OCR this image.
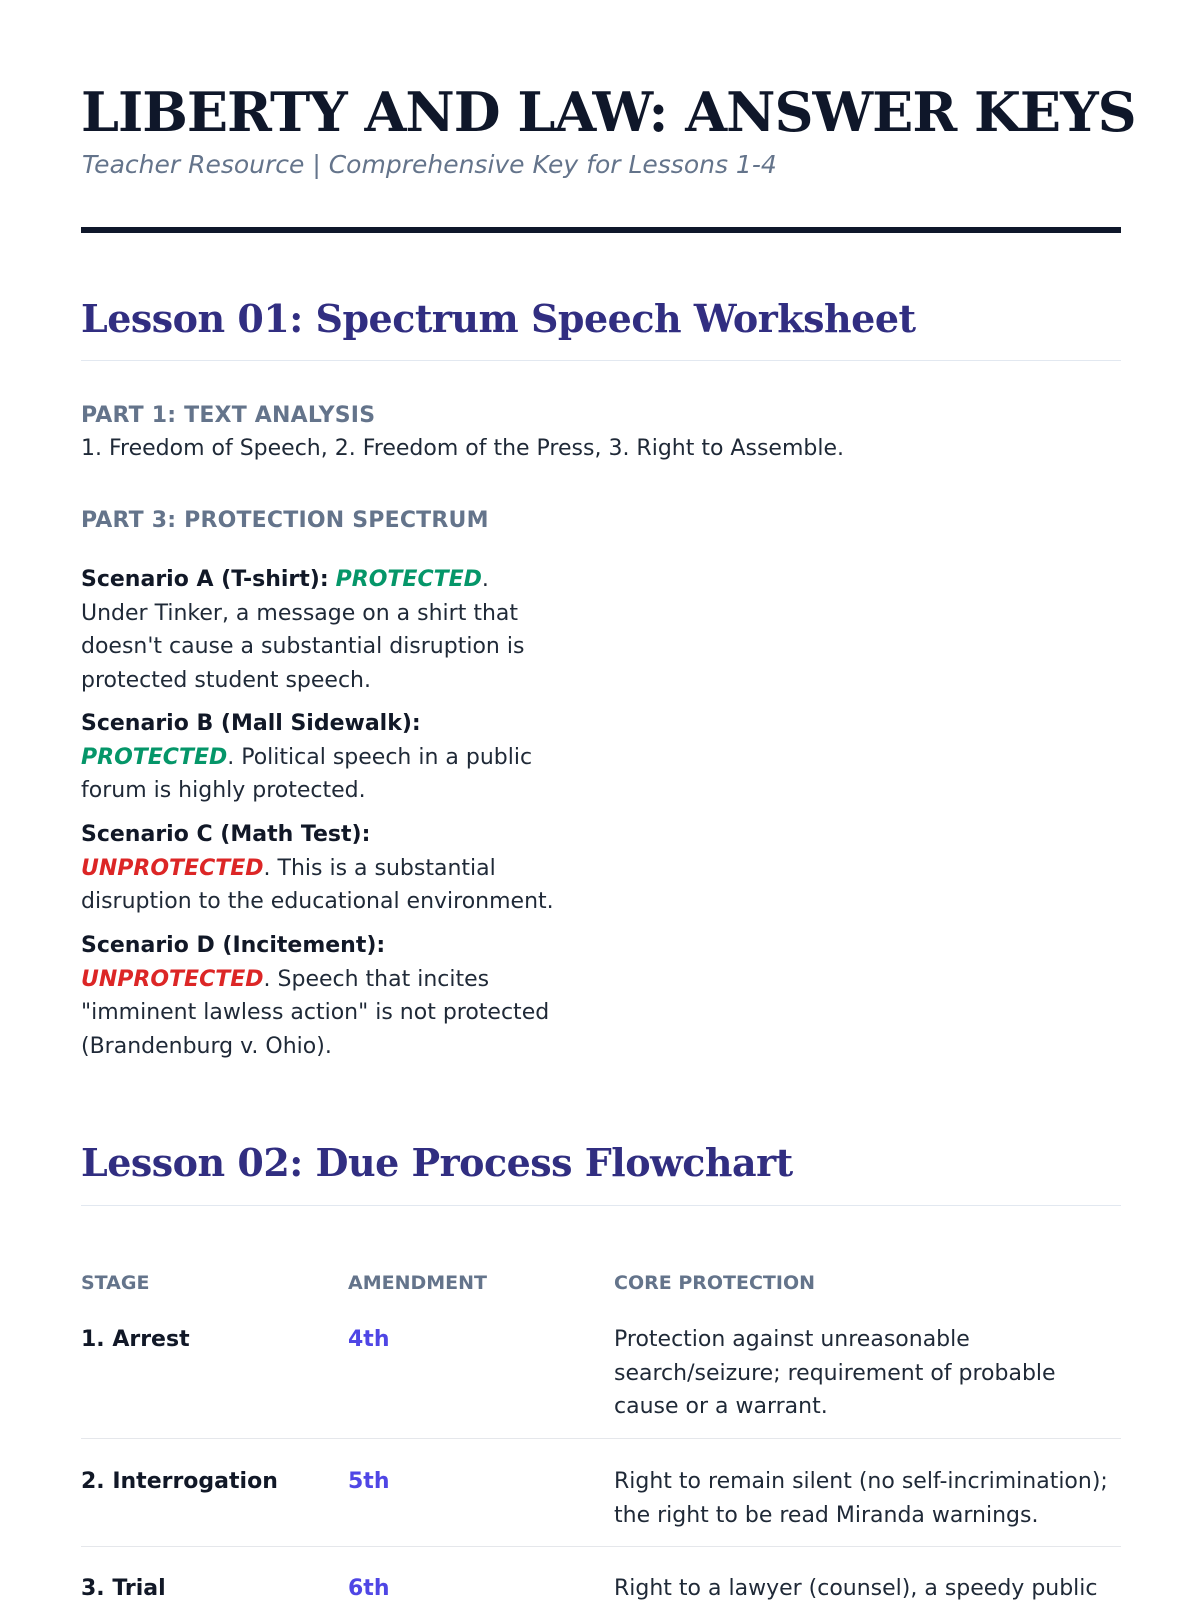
LIBERTY AND LAW: ANSWER KEYS

Teacher Resource | Comprehensive Key for Lessons 1-4

Lesson 01: Spectrum Speech Worksheet

PART 1: TEXT ANALYSIS

1. Freedom of Speech, 2. Freedom of the Press, 3. Right to Assemble.

PART 3: PROTECTION SPECTRUM

Scenario A (T-shirt): PROTECTED. Under Tinker, a message on a shirt that doesn't cause a substantial disruption is protected student speech.

Scenario B (Mall Sidewalk): PROTECTED. Political speech in a public forum is highly protected.

Scenario C (Math Test): UNPROTECTED. This is a substantial disruption to the educational environment.

Scenario D (Incitement): UNPROTECTED. Speech that incites "imminent lawless action" is not protected (Brandenburg v. Ohio).

Lesson 02: Due Process Flowchart

STAGE	AMENDMENT	CORE PROTECTION

1. Arrest	4th	Protection against unreasonable search/seizure; requirement of probable cause or a warrant.

2. Interrogation	5th	Right to remain silent (no self-incrimination); the right to be read Miranda warnings.

3. Trial	6th	Right to a lawyer (counsel), a speedy public
